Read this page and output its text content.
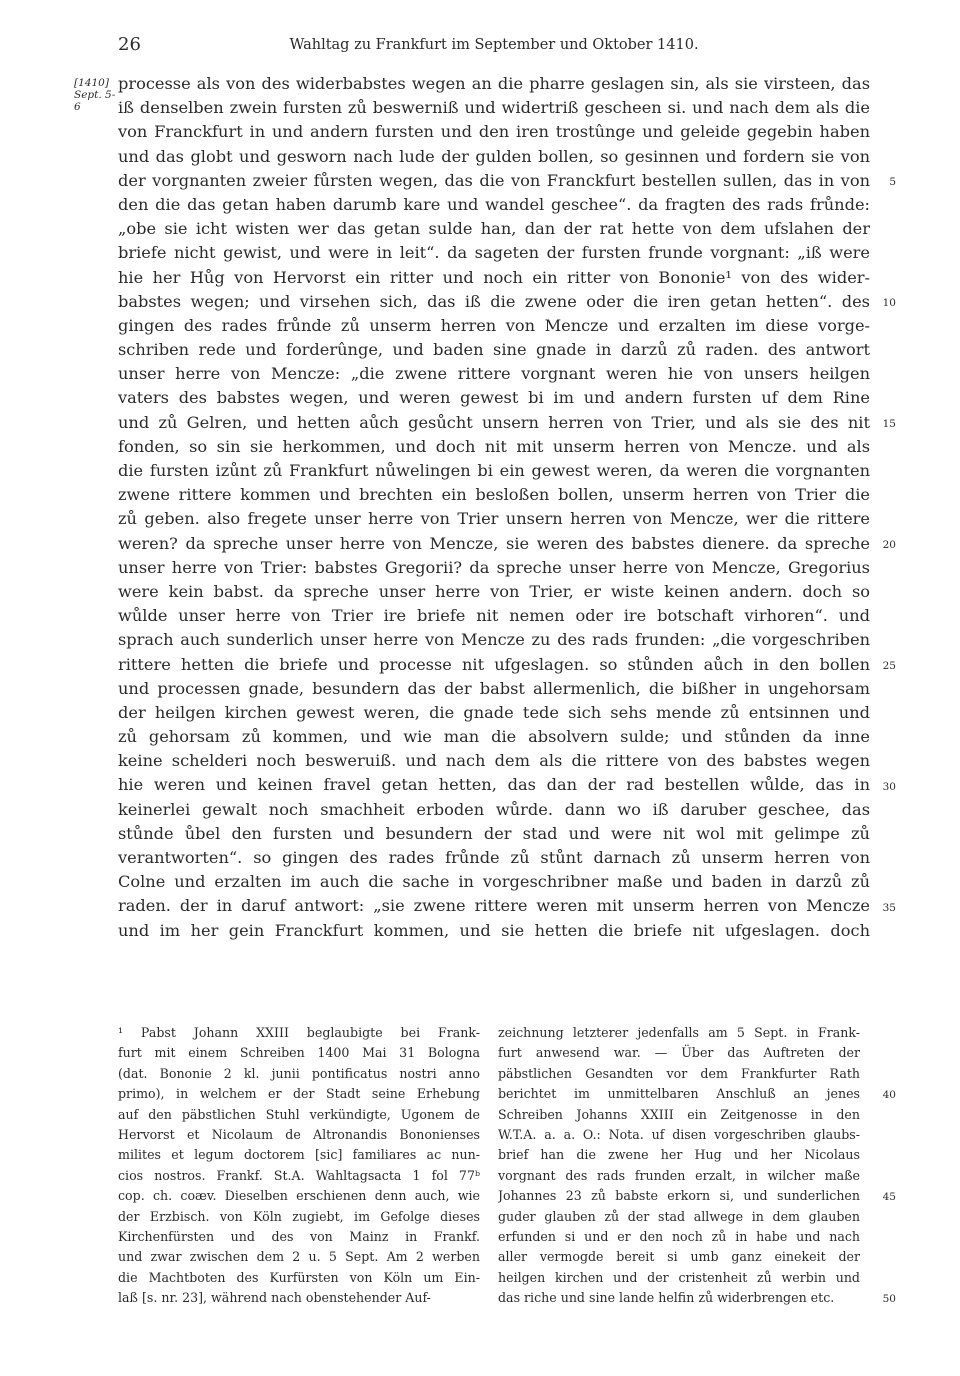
26	Wahltag zu Frankfurt im September und Oktober 1410.
[1410]
Sept. 5-6
processe als von des widerbabstes wegen an die pharre geslagen sin, als sie virsteen, das
iß denselben zwein fursten zů beswerniß und widertriß gescheen si. und nach dem als die
von Franckfurt in und andern fursten und den iren trostûnge und geleide gegebin haben
und das globt und gesworn nach lude der gulden bollen, so gesinnen und fordern sie von
der vorgnanten zweier fůrsten wegen, das die von Franckfurt bestellen sullen, das in von
den die das getan haben darumb kare und wandel geschee“. da fragten des rads frůnde:
„obe sie icht wisten wer das getan sulde han, dan der rat hette von dem ufslahen der
briefe nicht gewist, und were in leit“. da sageten der fursten frunde vorgnant: „iß were
hie her Hůg von Hervorst ein ritter und noch ein ritter von Bononie¹ von des wider-
babstes wegen; und virsehen sich, das iß die zwene oder die iren getan hetten“. des
gingen des rades frůnde zů unserm herren von Mencze und erzalten im diese vorge-
schriben rede und forderûnge, und baden sine gnade in darzů zů raden. des antwort
unser herre von Mencze: „die zwene rittere vorgnant weren hie von unsers heilgen
vaters des babstes wegen, und weren gewest bi im und andern fursten uf dem Rine
und zů Gelren, und hetten aůch gesůcht unsern herren von Trier, und als sie des nit
fonden, so sin sie herkommen, und doch nit mit unserm herren von Mencze. und als
die fursten izůnt zů Frankfurt nůwelingen bi ein gewest weren, da weren die vorgnanten
zwene rittere kommen und brechten ein besloßen bollen, unserm herren von Trier die
zů geben. also fregete unser herre von Trier unsern herren von Mencze, wer die rittere
weren? da spreche unser herre von Mencze, sie weren des babstes dienere. da spreche
unser herre von Trier: babstes Gregorii? da spreche unser herre von Mencze, Gregorius
were kein babst. da spreche unser herre von Trier, er wiste keinen andern. doch so
wůlde unser herre von Trier ire briefe nit nemen oder ire botschaft virhoren“. und
sprach auch sunderlich unser herre von Mencze zu des rads frunden: „die vorgeschriben
rittere hetten die briefe und processe nit ufgeslagen. so stůnden aůch in den bollen
und processen gnade, besundern das der babst allermenlich, die bißher in ungehorsam
der heilgen kirchen gewest weren, die gnade tede sich sehs mende zů entsinnen und
zů gehorsam zů kommen, und wie man die absolvern sulde; und stůnden da inne
keine schelderi noch besweruiß. und nach dem als die rittere von des babstes wegen
hie weren und keinen fravel getan hetten, das dan der rad bestellen wůlde, das in
keinerlei gewalt noch smachheit erboden wůrde. dann wo iß daruber geschee, das
stůnde ůbel den fursten und besundern der stad und were nit wol mit gelimpe zů
verantworten“. so gingen des rades frůnde zů stůnt darnach zů unserm herren von
Colne und erzalten im auch die sache in vorgeschribner maße und baden in darzů zů
raden. der in daruf antwort: „sie zwene rittere weren mit unserm herren von Mencze
und im her gein Franckfurt kommen, und sie hetten die briefe nit ufgeslagen. doch
5
10
15
20
25
30
35
¹ Pabst Johann XXIII beglaubigte bei Frank-
furt mit einem Schreiben 1400 Mai 31 Bologna
(dat. Bononie 2 kl. junii pontificatus nostri anno
primo), in welchem er der Stadt seine Erhebung
auf den päbstlichen Stuhl verkündigte, Ugonem de
Hervorst et Nicolaum de Altronandis Bononienses
milites et legum doctorem [sic] familiares ac nun-
cios nostros. Frankf. St.A. Wahltagsacta 1 fol 77ᵇ
cop. ch. coæv. Dieselben erschienen denn auch, wie
der Erzbisch. von Köln zugiebt, im Gefolge dieses
Kirchenfürsten und des von Mainz in Frankf.
und zwar zwischen dem 2 u. 5 Sept. Am 2 werben
die Machtboten des Kurfürsten von Köln um Ein-
laß [s. nr. 23], während nach obenstehender Auf-
zeichnung letzterer jedenfalls am 5 Sept. in Frank-
furt anwesend war. — Über das Auftreten der
päbstlichen Gesandten vor dem Frankfurter Rath
berichtet im unmittelbaren Anschluß an jenes
Schreiben Johanns XXIII ein Zeitgenosse in den
W.T.A. a. a. O.: Nota. uf disen vorgeschriben glaubs-
brief han die zwene her Hug und her Nicolaus
vorgnant des rads frunden erzalt, in wilcher maße
Johannes 23 zů babste erkorn si, und sunderlichen
guder glauben zů der stad allwege in dem glauben
erfunden si und er den noch zů in habe und nach
aller vermogde bereit si umb ganz einekeit der
heilgen kirchen und der cristenheit zů werbin und
das riche und sine lande helfin zů widerbrengen etc.
40
45
50
